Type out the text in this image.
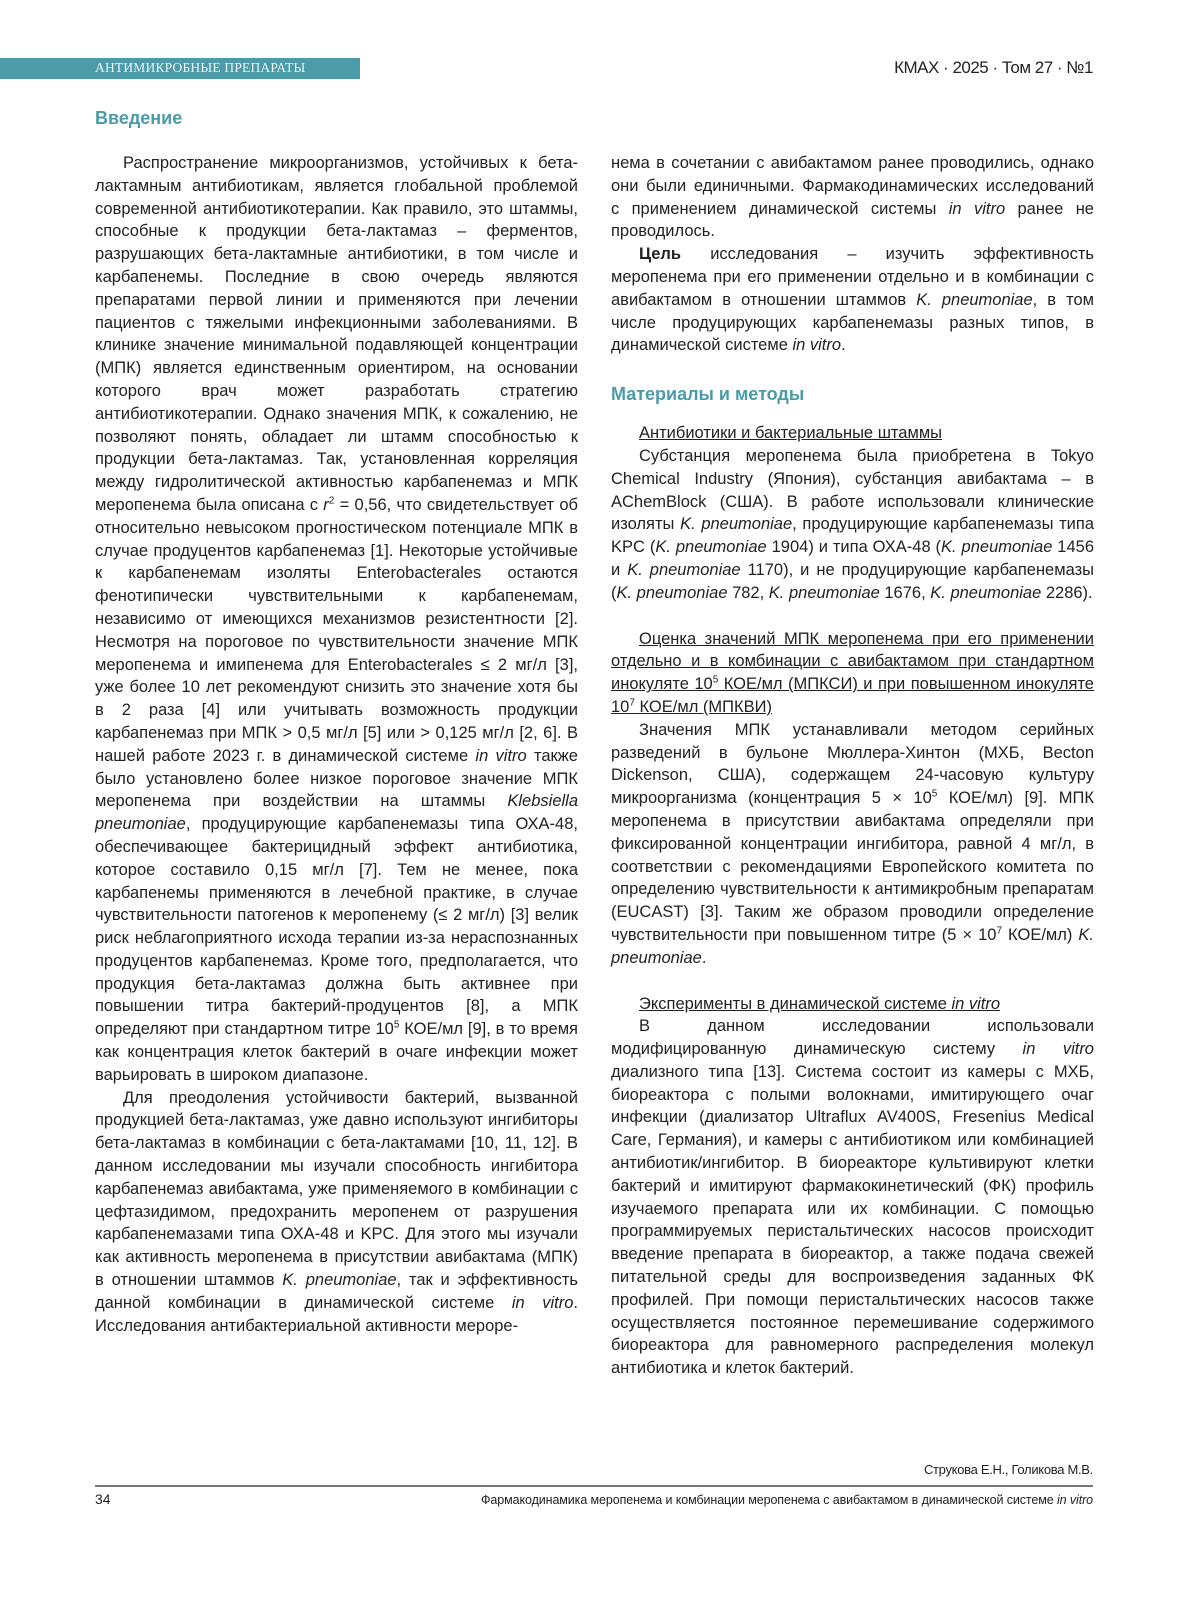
АНТИМИКРОБНЫЕ ПРЕПАРАТЫ	КМАХ · 2025 · Том 27 · №1
Введение

Распространение микроорганизмов, устойчивых к бета-лактамным антибиотикам, является глобальной проблемой современной антибиотикотерапии. Как правило, это штаммы, способные к продукции бета-лактамаз – ферментов, разрушающих бета-лактамные антибиотики, в том числе и карбапенемы. Последние в свою очередь являются препаратами первой линии и применяются при лечении пациентов с тяжелыми инфекционными заболеваниями. В клинике значение минимальной подавляющей концентрации (МПК) является единственным ориентиром, на основании которого врач может разработать стратегию антибиотикотерапии. Однако значения МПК, к сожалению, не позволяют понять, обладает ли штамм способностью к продукции бета-лактамаз. Так, установленная корреляция между гидролитической активностью карбапенемаз и МПК меропенема была описана с r2 = 0,56, что свидетельствует об относительно невысоком прогностическом потенциале МПК в случае продуцентов карбапенемаз [1]. Некоторые устойчивые к карбапенемам изоляты Enterobacterales остаются фенотипически чувствительными к карбапенемам, независимо от имеющихся механизмов резистентности [2]. Несмотря на пороговое по чувствительности значение МПК меропенема и имипенема для Enterobacterales ≤ 2 мг/л [3], уже более 10 лет рекомендуют снизить это значение хотя бы в 2 раза [4] или учитывать возможность продукции карбапенемаз при МПК > 0,5 мг/л [5] или > 0,125 мг/л [2, 6]. В нашей работе 2023 г. в динамической системе in vitro также было установлено более низкое пороговое значение МПК меропенема при воздействии на штаммы Klebsiella pneumoniae, продуцирующие карбапенемазы типа ОХА-48, обеспечивающее бактерицидный эффект антибиотика, которое составило 0,15 мг/л [7]. Тем не менее, пока карбапенемы применяются в лечебной практике, в случае чувствительности патогенов к меропенему (≤ 2 мг/л) [3] велик риск неблагоприятного исхода терапии из-за нераспознанных продуцентов карбапенемаз. Кроме того, предполагается, что продукция бета-лактамаз должна быть активнее при повышении титра бактерий-продуцентов [8], а МПК определяют при стандартном титре 105 КОЕ/мл [9], в то время как концентрация клеток бактерий в очаге инфекции может варьировать в широком диапазоне.

Для преодоления устойчивости бактерий, вызванной продукцией бета-лактамаз, уже давно используют ингибиторы бета-лактамаз в комбинации с бета-лактамами [10, 11, 12]. В данном исследовании мы изучали способность ингибитора карбапенемаз авибактама, уже применяемого в комбинации с цефтазидимом, предохранить меропенем от разрушения карбапенемазами типа ОХА-48 и KPC. Для этого мы изучали как активность меропенема в присутствии авибактама (МПК) в отношении штаммов K. pneumoniae, так и эффективность данной комбинации в динамической системе in vitro. Исследования антибактериальной активности мероpe-

нема в сочетании с авибактамом ранее проводились, однако они были единичными. Фармакодинамических исследований с применением динамической системы in vitro ранее не проводилось.

Цель исследования – изучить эффективность меропенема при его применении отдельно и в комбинации с авибактамом в отношении штаммов K. pneumoniae, в том числе продуцирующих карбапенемазы разных типов, в динамической системе in vitro.

Материалы и методы
Антибиотики и бактериальные штаммы

Субстанция меропенема была приобретена в Tokyo Chemical Industry (Япония), субстанция авибактама – в AChemBlock (США). В работе использовали клинические изоляты K. pneumoniae, продуцирующие карбапенемазы типа KPC (K. pneumoniae 1904) и типа ОХА-48 (K. pneumoniae 1456 и K. pneumoniae 1170), и не продуцирующие карбапенемазы (K. pneumoniae 782, K. pneumoniae 1676, K. pneumoniae 2286).

Оценка значений МПК меропенема при его применении отдельно и в комбинации с авибактамом при стандартном инокуляте 105 КОЕ/мл (МПКСИ) и при повышенном инокуляте 107 КОЕ/мл (МПКВИ)

Значения МПК устанавливали методом серийных разведений в бульоне Мюллера-Хинтон (МХБ, Becton Dickenson, США), содержащем 24-часовую культуру микроорганизма (концентрация 5 × 105 КОЕ/мл) [9]. МПК меропенема в присутствии авибактама определяли при фиксированной концентрации ингибитора, равной 4 мг/л, в соответствии с рекомендациями Европейского комитета по определению чувствительности к антимикробным препаратам (EUCAST) [3]. Таким же образом проводили определение чувствительности при повышенном титре (5 × 107 КОЕ/мл) K. pneumoniae.

Эксперименты в динамической системе in vitro

В данном исследовании использовали модифицированную динамическую систему in vitro диализного типа [13]. Система состоит из камеры с МХБ, биореактора с полыми волокнами, имитирующего очаг инфекции (диализатор Ultraflux AV400S, Fresenius Medical Care, Германия), и камеры с антибиотиком или комбинацией антибиотик/ингибитор. В биореакторе культивируют клетки бактерий и имитируют фармакокинетический (ФК) профиль изучаемого препарата или их комбинации. С помощью программируемых перистальтических насосов происходит введение препарата в биореактор, а также подача свежей питательной среды для воспроизведения заданных ФК профилей. При помощи перистальтических насосов также осуществляется постоянное перемешивание содержимого биореактора для равномерного распределения молекул антибиотика и клеток бактерий.

Струкова Е.Н., Голикова М.В.
34	Фармакодинамика меропенема и комбинации меропенема с авибактамом в динамической системе in vitro
